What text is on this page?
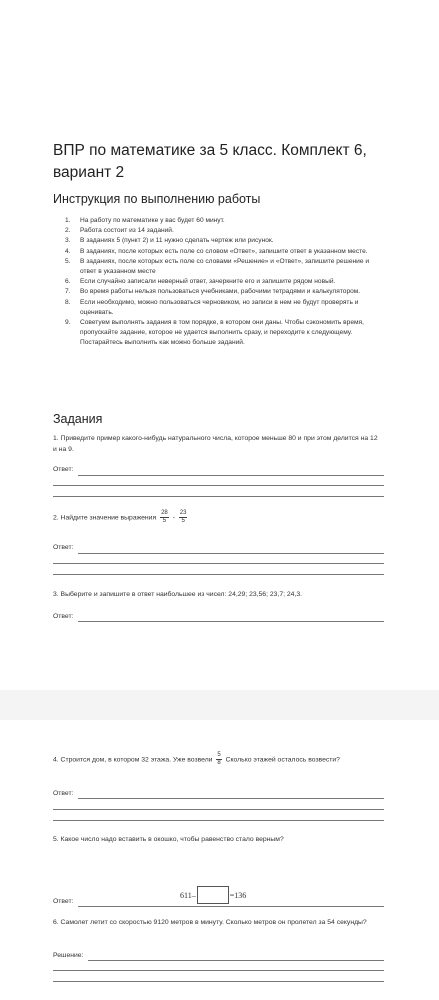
ВПР по математике за 5 класс. Комплект 6, вариант 2
Инструкция по выполнению работы
1. На работу по математике у вас будет 60 минут.
2. Работа состоит из 14 заданий.
3. В заданиях 5 (пункт 2) и 11 нужно сделать чертеж или рисунок.
4. В заданиях, после которых есть поле со словом «Ответ», запишите ответ в указанном месте.
5. В заданиях, после которых есть поле со словами «Решение» и «Ответ», запишите решение и ответ в указанном месте
6. Если случайно записали неверный ответ, зачеркните его и запишите рядом новый.
7. Во время работы нельзя пользоваться учебниками, рабочими тетрадями и калькулятором.
8. Если необходимо, можно пользоваться черновиком, но записи в нем не будут проверять и оценивать.
9. Советуем выполнять задания в том порядке, в котором они даны. Чтобы сэкономить время, пропускайте задание, которое не удается выполнить сразу, и переходите к следующему. Постарайтесь выполнить как можно больше заданий.
Задания
1. Приведите пример какого-нибудь натурального числа, которое меньше 80 и при этом делится на 12 и на 9.
Ответ:
2. Найдите значение выражения $\frac{28}{5} - \frac{23}{5}$
Ответ:
3. Выберите и запишите в ответ наибольшее из чисел: 24,29; 23,56; 23,7; 24,3.
Ответ:
4. Строится дом, в котором 32 этажа. Уже возвели $\frac{5}{8}$ Сколько этажей осталось возвести?
Ответ:
5. Какое число надо вставить в окошко, чтобы равенство стало верным?
611–	=136
Ответ:
6. Самолет летит со скоростью 9120 метров в минуту. Сколько метров он пролетел за 54 секунды?
Решение:
